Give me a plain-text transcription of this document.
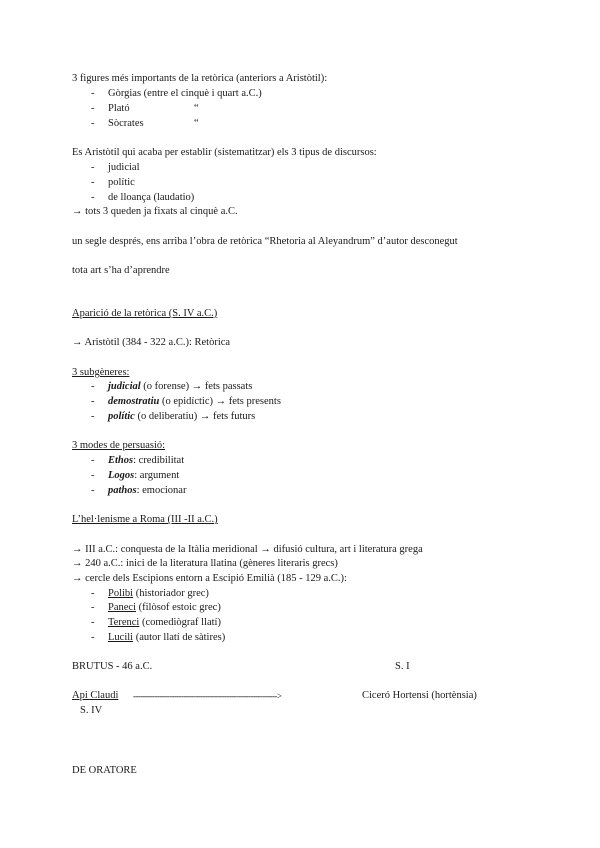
3 figures més importants de la retòrica (anteriors a Aristòtil):
- Gòrgias (entre el cinquè i quart a.C.)
- Plató	“
- Sòcrates	“
Es Aristòtil qui acaba per establir (sistematitzar) els 3 tipus de discursos:
- judicial
- polític
- de lloança (laudatio)
→ tots 3 queden ja fixats al cinquè a.C.
un segle després, ens arriba l’obra de retòrica “Rhetoria al Aleyandrum” d’autor desconegut
tota art s’ha d’aprendre
Aparició de la retòrica (S. IV a.C.)
→ Aristòtil (384 - 322 a.C.): Retòrica
3 subgèneres:
- judicial (o forense) → fets passats
- demostratiu (o epidíctic) → fets presents
- polític (o deliberatiu) → fets futurs
3 modes de persuasió:
- Ethos: credibilitat
- Logos: argument
- pathos: emocionar
L’hel·lenisme a Roma (III -II a.C.)
→ III a.C.: conquesta de la Itàlia meridional → difusió cultura, art i literatura grega
→ 240 a.C.: inici de la literatura llatina (gèneres literaris grecs)
→ cercle dels Escipions entorn a Escipió Emilià (185 - 129 a.C.):
- Polibi (historiador grec)
- Paneci (filòsof estoic grec)
- Terenci (comediògraf llatí)
- Lucili (autor llatí de sàtires)
BRUTUS - 46 a.C.	S. I
Api Claudi ------------------------------------------------------------>	Ciceró Hortensi (hortènsia)
S. IV
DE ORATORE
